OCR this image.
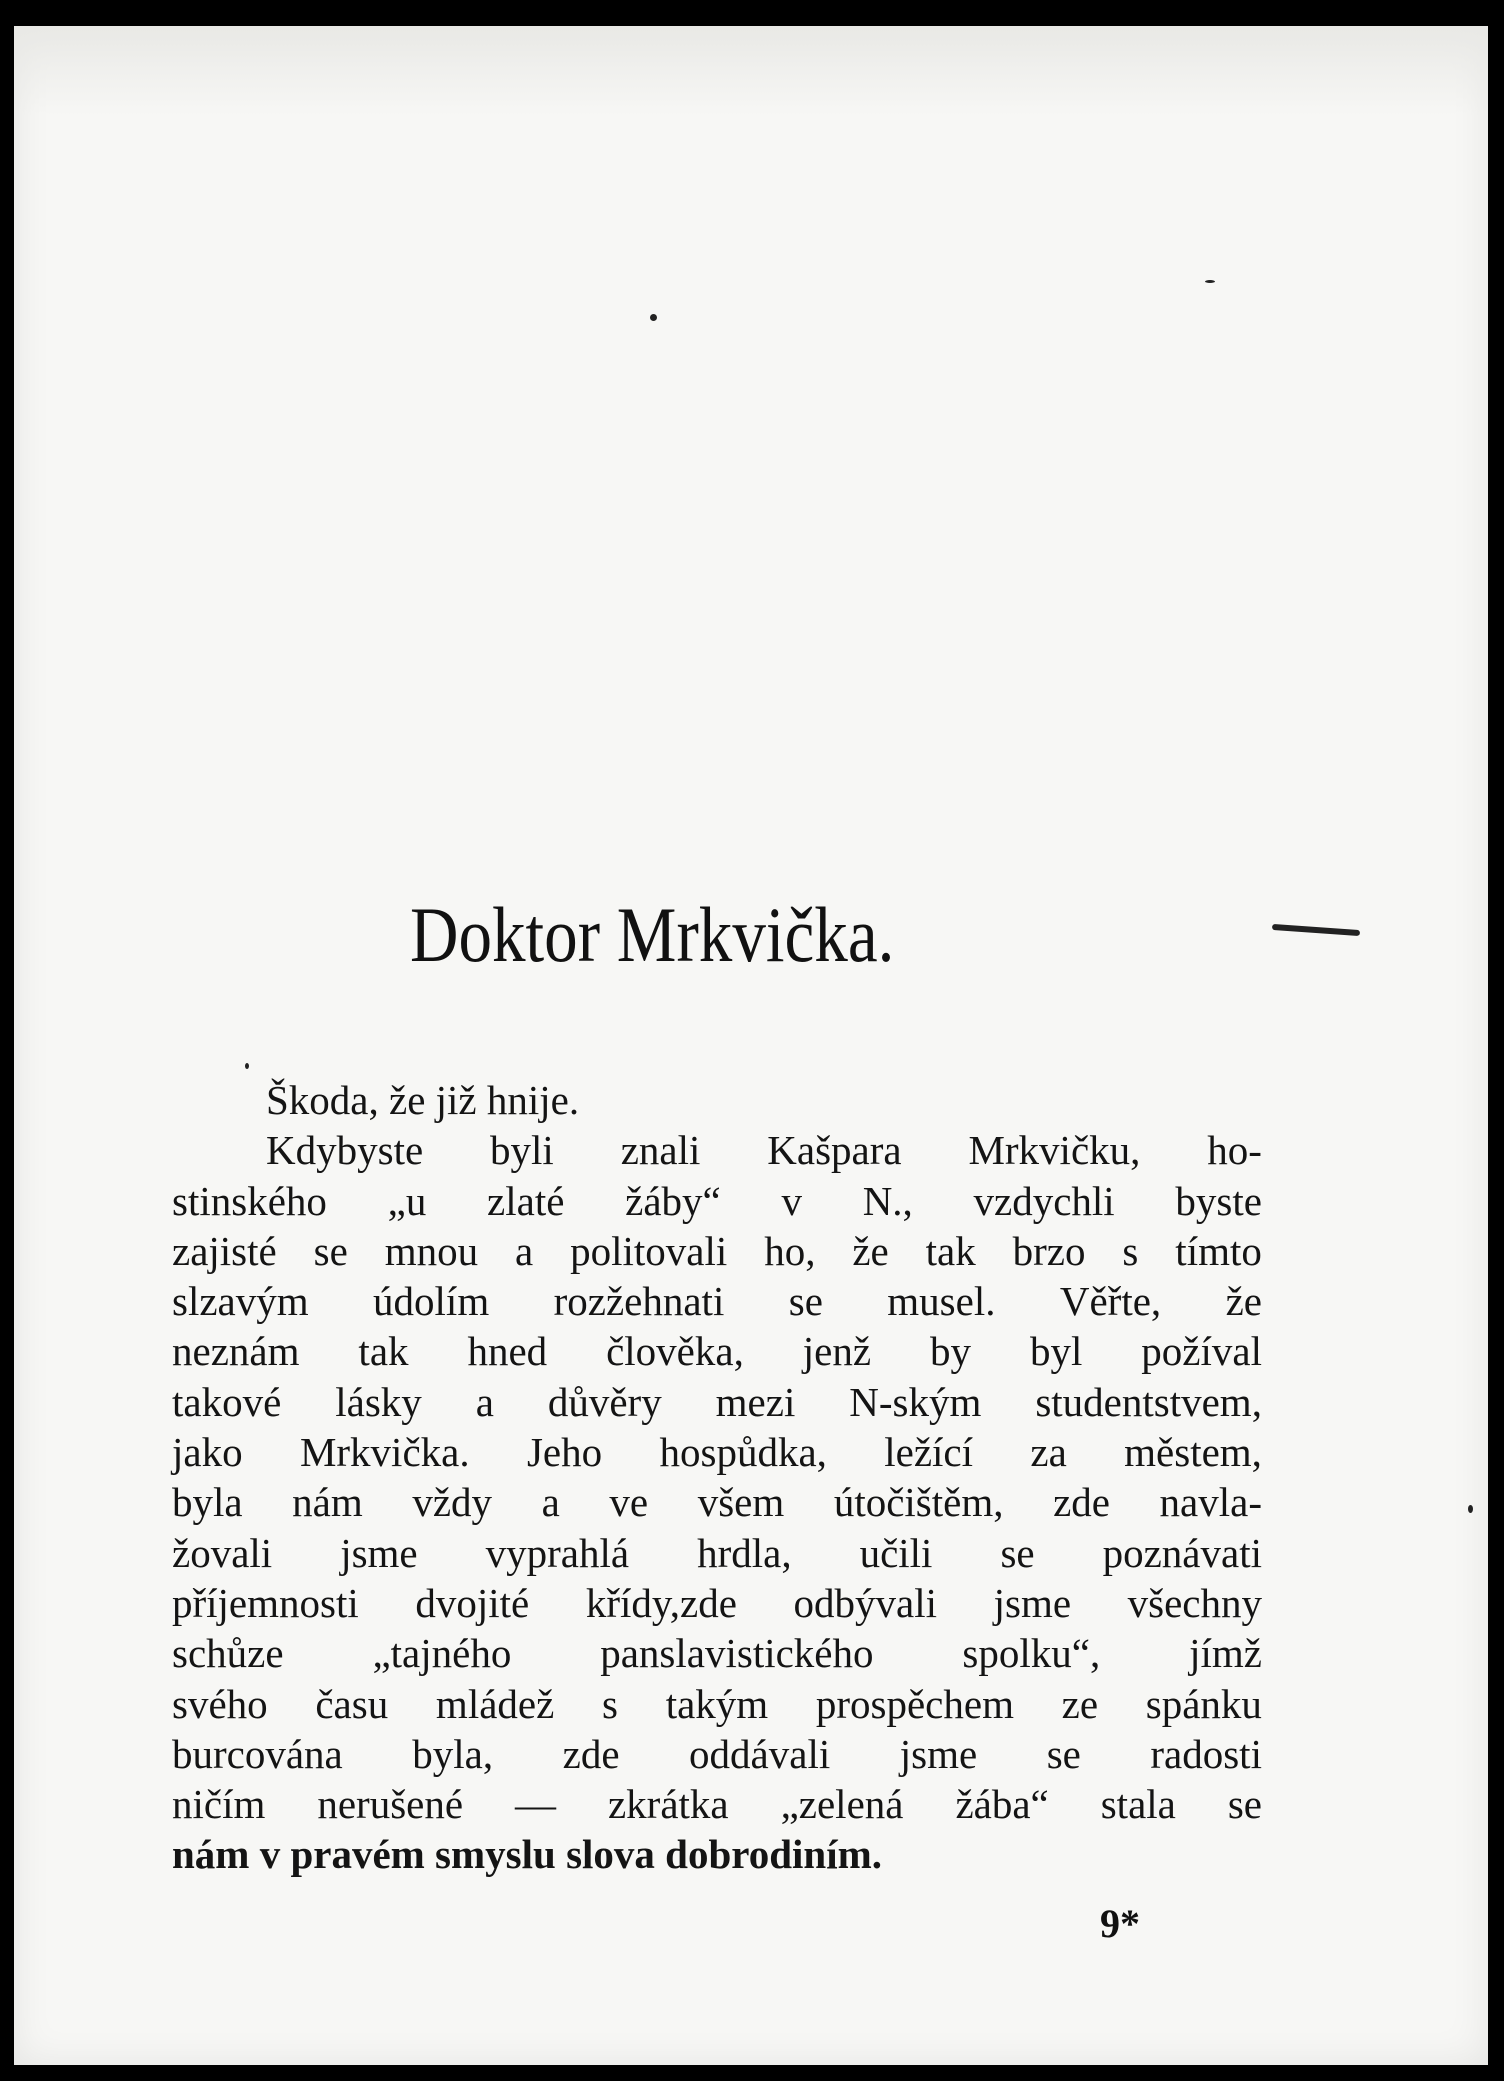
Doktor Mrkvička.
Škoda, že již hnije.
Kdybyste byli znali Kašpara Mrkvičku, ho-
stinského „u zlaté žáby“ v N., vzdychli byste
zajisté se mnou a politovali ho, že tak brzo s tímto
slzavým údolím rozžehnati se musel. Věřte, že
neznám tak hned člověka, jenž by byl požíval
takové lásky a důvěry mezi N-ským studentstvem,
jako Mrkvička. Jeho hospůdka, ležící za městem,
byla nám vždy a ve všem útočištěm, zde navla-
žovali jsme vyprahlá hrdla, učili se poznávati
příjemnosti dvojité křídy,zde odbývali jsme všechny
schůze „tajného panslavistického spolku“, jímž
svého času mládež s takým prospěchem ze spánku
burcována byla, zde oddávali jsme se radosti
ničím nerušené — zkrátka „zelená žába“ stala se
nám v pravém smyslu slova dobrodiním.
9*
